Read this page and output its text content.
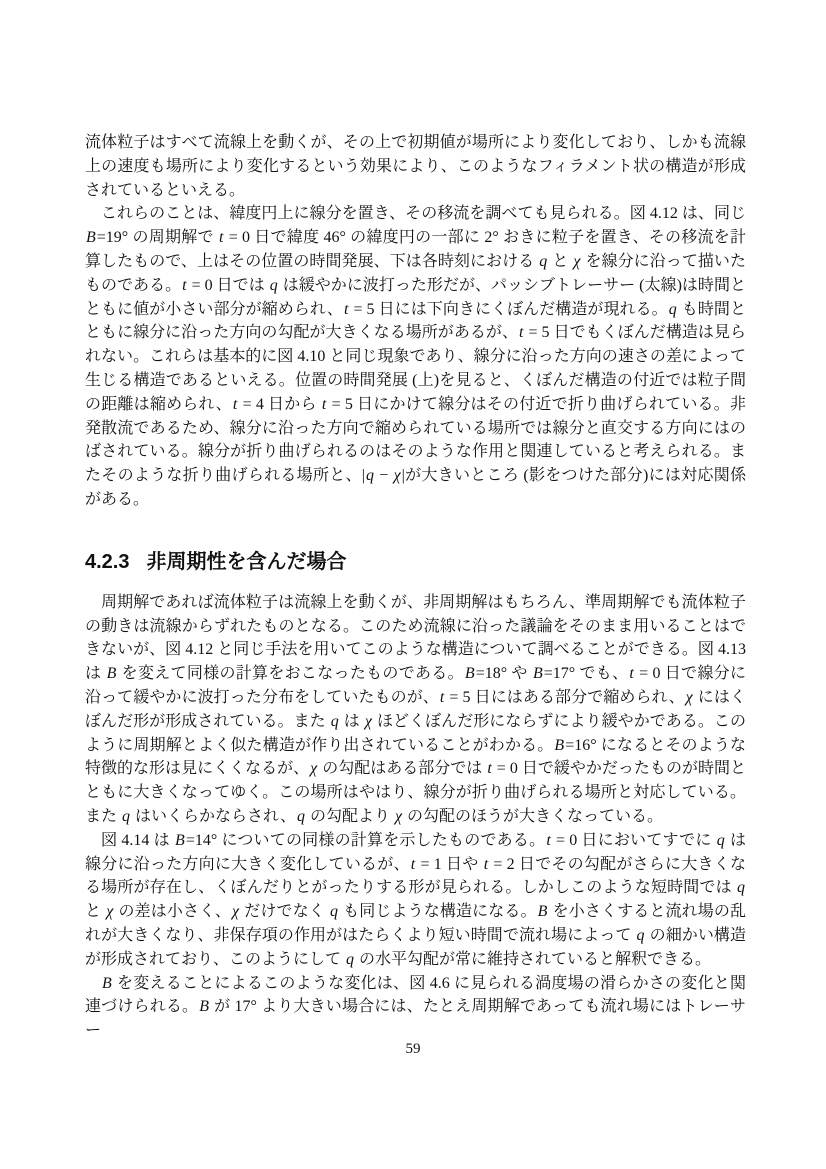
流体粒子はすべて流線上を動くが、その上で初期値が場所により変化しており、しかも流線上の速度も場所により変化するという効果により、このようなフィラメント状の構造が形成されているといえる。

これらのことは、緯度円上に線分を置き、その移流を調べても見られる。図 4.12 は、同じ B=19° の周期解で t = 0 日で緯度 46° の緯度円の一部に 2° おきに粒子を置き、その移流を計算したもので、上はその位置の時間発展、下は各時刻における q と χ を線分に沿って描いたものである。t = 0 日では q は緩やかに波打った形だが、パッシブトレーサー (太線)は時間とともに値が小さい部分が縮められ、t = 5 日には下向きにくぼんだ構造が現れる。q も時間とともに線分に沿った方向の勾配が大きくなる場所があるが、t = 5 日でもくぼんだ構造は見られない。これらは基本的に図 4.10 と同じ現象であり、線分に沿った方向の速さの差によって生じる構造であるといえる。位置の時間発展 (上)を見ると、くぼんだ構造の付近では粒子間の距離は縮められ、t = 4 日から t = 5 日にかけて線分はその付近で折り曲げられている。非発散流であるため、線分に沿った方向で縮められている場所では線分と直交する方向にはのばされている。線分が折り曲げられるのはそのような作用と関連していると考えられる。またそのような折り曲げられる場所と、|q − χ|が大きいところ (影をつけた部分)には対応関係がある。

4.2.3 非周期性を含んだ場合

周期解であれば流体粒子は流線上を動くが、非周期解はもちろん、準周期解でも流体粒子の動きは流線からずれたものとなる。このため流線に沿った議論をそのまま用いることはできないが、図 4.12 と同じ手法を用いてこのような構造について調べることができる。図 4.13 は B を変えて同様の計算をおこなったものである。B=18° や B=17° でも、t = 0 日で線分に沿って緩やかに波打った分布をしていたものが、t = 5 日にはある部分で縮められ、χ にはくぼんだ形が形成されている。また q は χ ほどくぼんだ形にならずにより緩やかである。このように周期解とよく似た構造が作り出されていることがわかる。B=16° になるとそのような特徴的な形は見にくくなるが、χ の勾配はある部分では t = 0 日で緩やかだったものが時間とともに大きくなってゆく。この場所はやはり、線分が折り曲げられる場所と対応している。また q はいくらかならされ、q の勾配より χ の勾配のほうが大きくなっている。

図 4.14 は B=14° についての同様の計算を示したものである。t = 0 日においてすでに q は線分に沿った方向に大きく変化しているが、t = 1 日や t = 2 日でその勾配がさらに大きくなる場所が存在し、くぼんだりとがったりする形が見られる。しかしこのような短時間では q と χ の差は小さく、χ だけでなく q も同じような構造になる。B を小さくすると流れ場の乱れが大きくなり、非保存項の作用がはたらくより短い時間で流れ場によって q の細かい構造が形成されており、このようにして q の水平勾配が常に維持されていると解釈できる。

B を変えることによるこのような変化は、図 4.6 に見られる渦度場の滑らかさの変化と関連づけられる。B が 17° より大きい場合には、たとえ周期解であっても流れ場にはトレーサー

59
